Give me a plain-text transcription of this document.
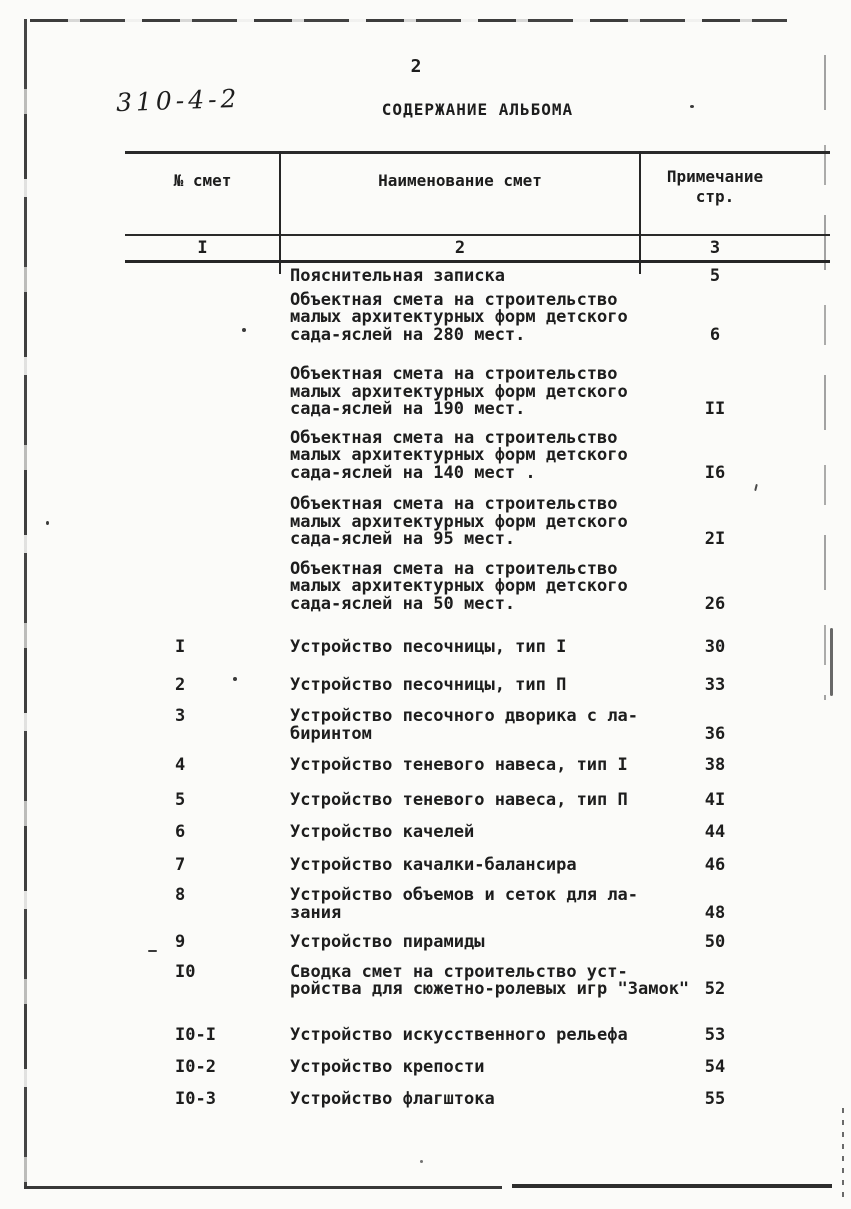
2
310-4-2	СОДЕРЖАНИЕ АЛЬБОМА
№ смет	Наименование смет	Примечание
стр.
I	2	3
Пояснительная записка	5
Объектная смета на строительство
малых архитектурных форм детского
сада-яслей на 280 мест.	6
Объектная смета на строительство
малых архитектурных форм детского
сада-яслей на 190 мест.	II
Объектная смета на строительство
малых архитектурных форм детского
сада-яслей на 140 мест .	I6
Объектная смета на строительство
малых архитектурных форм детского
сада-яслей на 95 мест.	2I
Объектная смета на строительство
малых архитектурных форм детского
сада-яслей на 50 мест.	26
I	Устройство песочницы, тип I	30
2	Устройство песочницы, тип П	33
3	Устройство песочного дворика с ла-
биринтом	36
4	Устройство теневого навеса, тип I	38
5	Устройство теневого навеса, тип П	4I
6	Устройство качелей	44
7	Устройство качалки-балансира	46
8	Устройство объемов и сеток для ла-
зания	48
9	Устройство пирамиды	50
I0	Сводка смет на строительство уст-
ройства для сюжетно-ролевых игр "Замок" 52
I0-I	Устройство искусственного рельефа	53
I0-2	Устройство крепости	54
I0-3	Устройство флагштока	55
